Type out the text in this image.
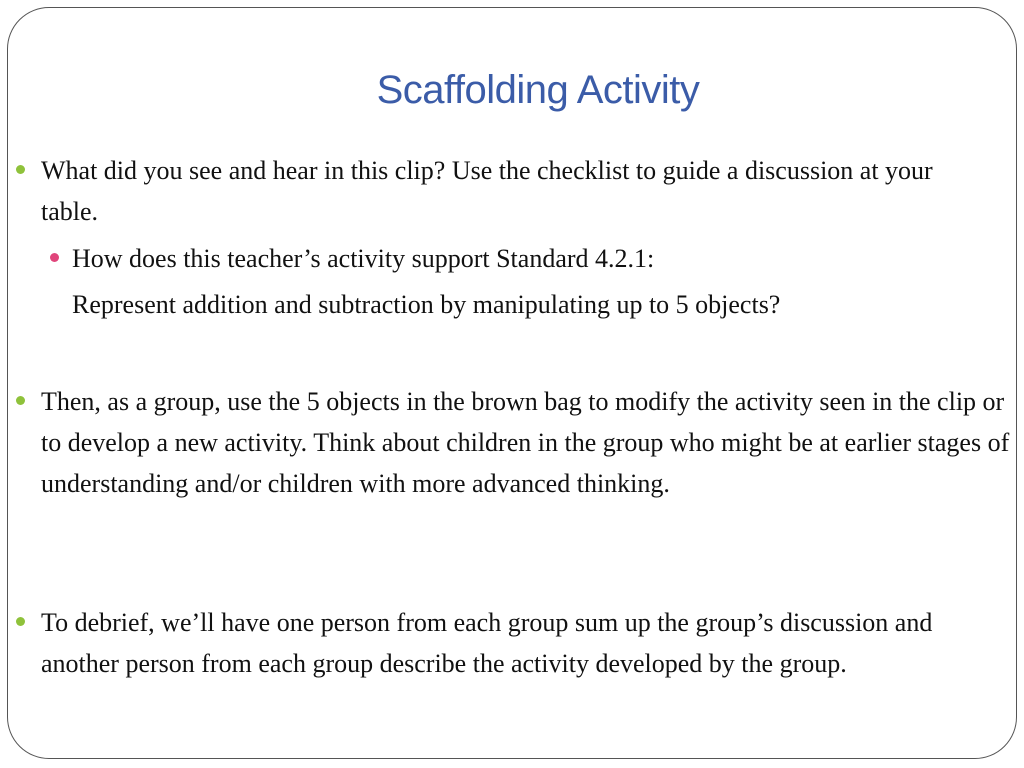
Scaffolding Activity

What did you see and hear in this clip? Use the checklist to guide a discussion at your table.

How does this teacher’s activity support Standard 4.2.1:

Represent addition and subtraction by manipulating up to 5 objects?

Then, as a group, use the 5 objects in the brown bag to modify the activity seen in the clip or to develop a new activity. Think about children in the group who might be at earlier stages of understanding and/or children with more advanced thinking.

To debrief, we’ll have one person from each group sum up the group’s discussion and another person from each group describe the activity developed by the group.
